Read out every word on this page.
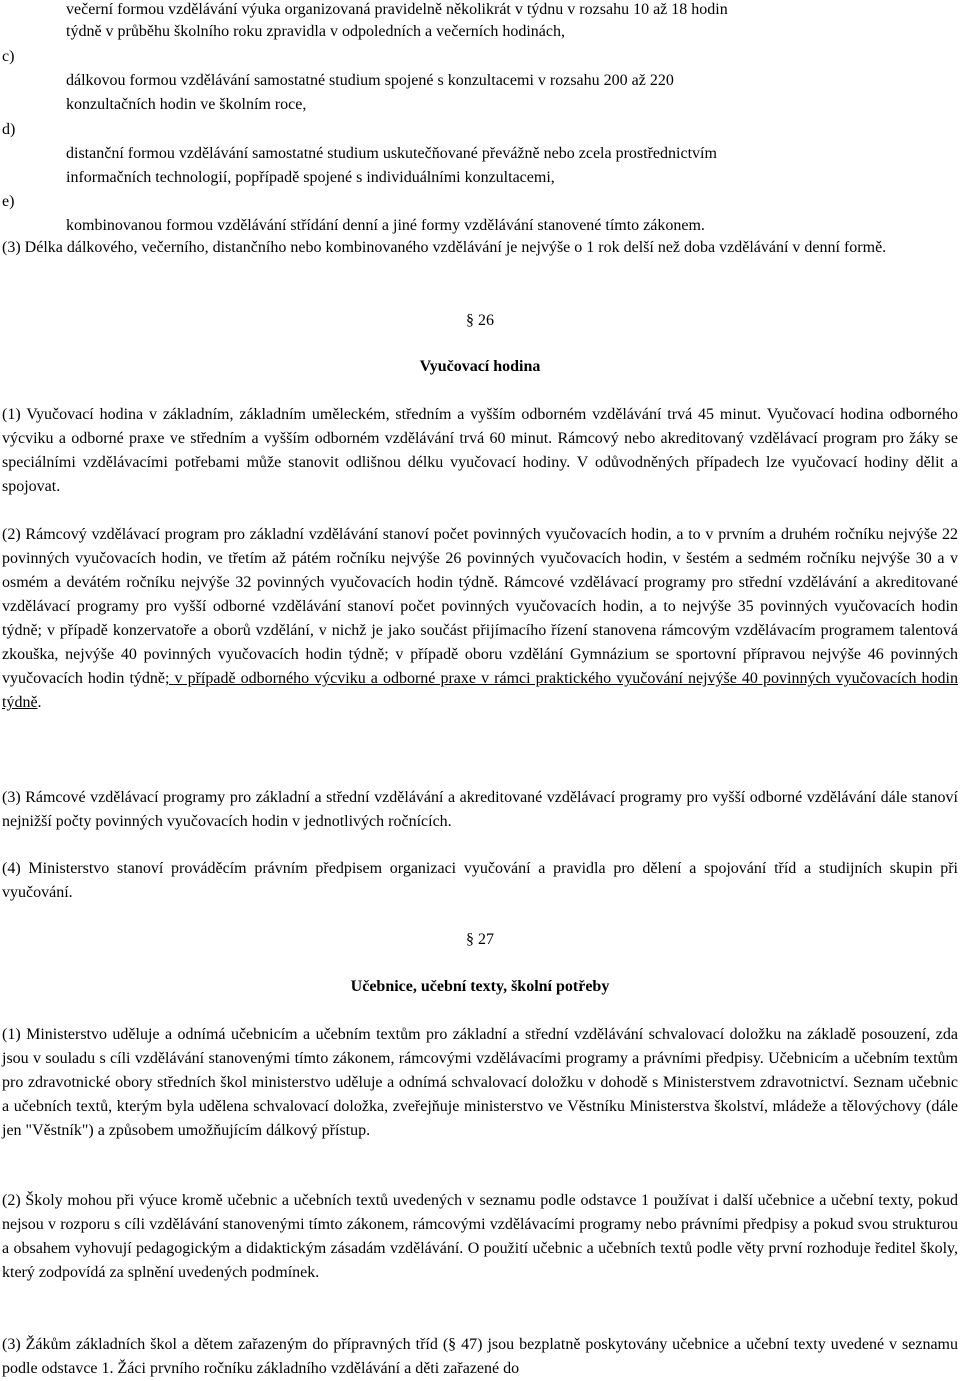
večerní formou vzdělávání výuka organizovaná pravidelně několikrát v týdnu v rozsahu 10 až 18 hodin
týdně v průběhu školního roku zpravidla v odpoledních a večerních hodinách,
c)
dálkovou formou vzdělávání samostatné studium spojené s konzultacemi v rozsahu 200 až 220
konzultačních hodin ve školním roce,
d)
distanční formou vzdělávání samostatné studium uskutečňované převážně nebo zcela prostřednictvím
informačních technologií, popřípadě spojené s individuálními konzultacemi,
e)
kombinovanou formou vzdělávání střídání denní a jiné formy vzdělávání stanovené tímto zákonem.
(3) Délka dálkového, večerního, distančního nebo kombinovaného vzdělávání je nejvýše o 1 rok delší než doba vzdělávání v denní formě.
§ 26
Vyučovací hodina
(1) Vyučovací hodina v základním, základním uměleckém, středním a vyšším odborném vzdělávání trvá 45 minut. Vyučovací hodina odborného výcviku a odborné praxe ve středním a vyšším odborném vzdělávání trvá 60 minut. Rámcový nebo akreditovaný vzdělávací program pro žáky se speciálními vzdělávacími potřebami může stanovit odlišnou délku vyučovací hodiny. V odůvodněných případech lze vyučovací hodiny dělit a spojovat.
(2) Rámcový vzdělávací program pro základní vzdělávání stanoví počet povinných vyučovacích hodin, a to v prvním a druhém ročníku nejvýše 22 povinných vyučovacích hodin, ve třetím až pátém ročníku nejvýše 26 povinných vyučovacích hodin, v šestém a sedmém ročníku nejvýše 30 a v osmém a devátém ročníku nejvýše 32 povinných vyučovacích hodin týdně. Rámcové vzdělávací programy pro střední vzdělávání a akreditované vzdělávací programy pro vyšší odborné vzdělávání stanoví počet povinných vyučovacích hodin, a to nejvýše 35 povinných vyučovacích hodin týdně; v případě konzervatoře a oborů vzdělání, v nichž je jako součást přijímacího řízení stanovena rámcovým vzdělávacím programem talentová zkouška, nejvýše 40 povinných vyučovacích hodin týdně; v případě oboru vzdělání Gymnázium se sportovní přípravou nejvýše 46 povinných vyučovacích hodin týdně; v případě odborného výcviku a odborné praxe v rámci praktického vyučování nejvýše 40 povinných vyučovacích hodin týdně.
(3) Rámcové vzdělávací programy pro základní a střední vzdělávání a akreditované vzdělávací programy pro vyšší odborné vzdělávání dále stanoví nejnižší počty povinných vyučovacích hodin v jednotlivých ročnících.
(4) Ministerstvo stanoví prováděcím právním předpisem organizaci vyučování a pravidla pro dělení a spojování tříd a studijních skupin při vyučování.
§ 27
Učebnice, učební texty, školní potřeby
(1) Ministerstvo uděluje a odnímá učebnicím a učebním textům pro základní a střední vzdělávání schvalovací doložku na základě posouzení, zda jsou v souladu s cíli vzdělávání stanovenými tímto zákonem, rámcovými vzdělávacími programy a právními předpisy. Učebnicím a učebním textům pro zdravotnické obory středních škol ministerstvo uděluje a odnímá schvalovací doložku v dohodě s Ministerstvem zdravotnictví. Seznam učebnic a učebních textů, kterým byla udělena schvalovací doložka, zveřejňuje ministerstvo ve Věstníku Ministerstva školství, mládeže a tělovýchovy (dále jen "Věstník") a způsobem umožňujícím dálkový přístup.
(2) Školy mohou při výuce kromě učebnic a učebních textů uvedených v seznamu podle odstavce 1 používat i další učebnice a učební texty, pokud nejsou v rozporu s cíli vzdělávání stanovenými tímto zákonem, rámcovými vzdělávacími programy nebo právními předpisy a pokud svou strukturou a obsahem vyhovují pedagogickým a didaktickým zásadám vzdělávání. O použití učebnic a učebních textů podle věty první rozhoduje ředitel školy, který zodpovídá za splnění uvedených podmínek.
(3) Žákům základních škol a dětem zařazeným do přípravných tříd (§ 47) jsou bezplatně poskytovány učebnice a učební texty uvedené v seznamu podle odstavce 1. Žáci prvního ročníku základního vzdělávání a děti zařazené do
